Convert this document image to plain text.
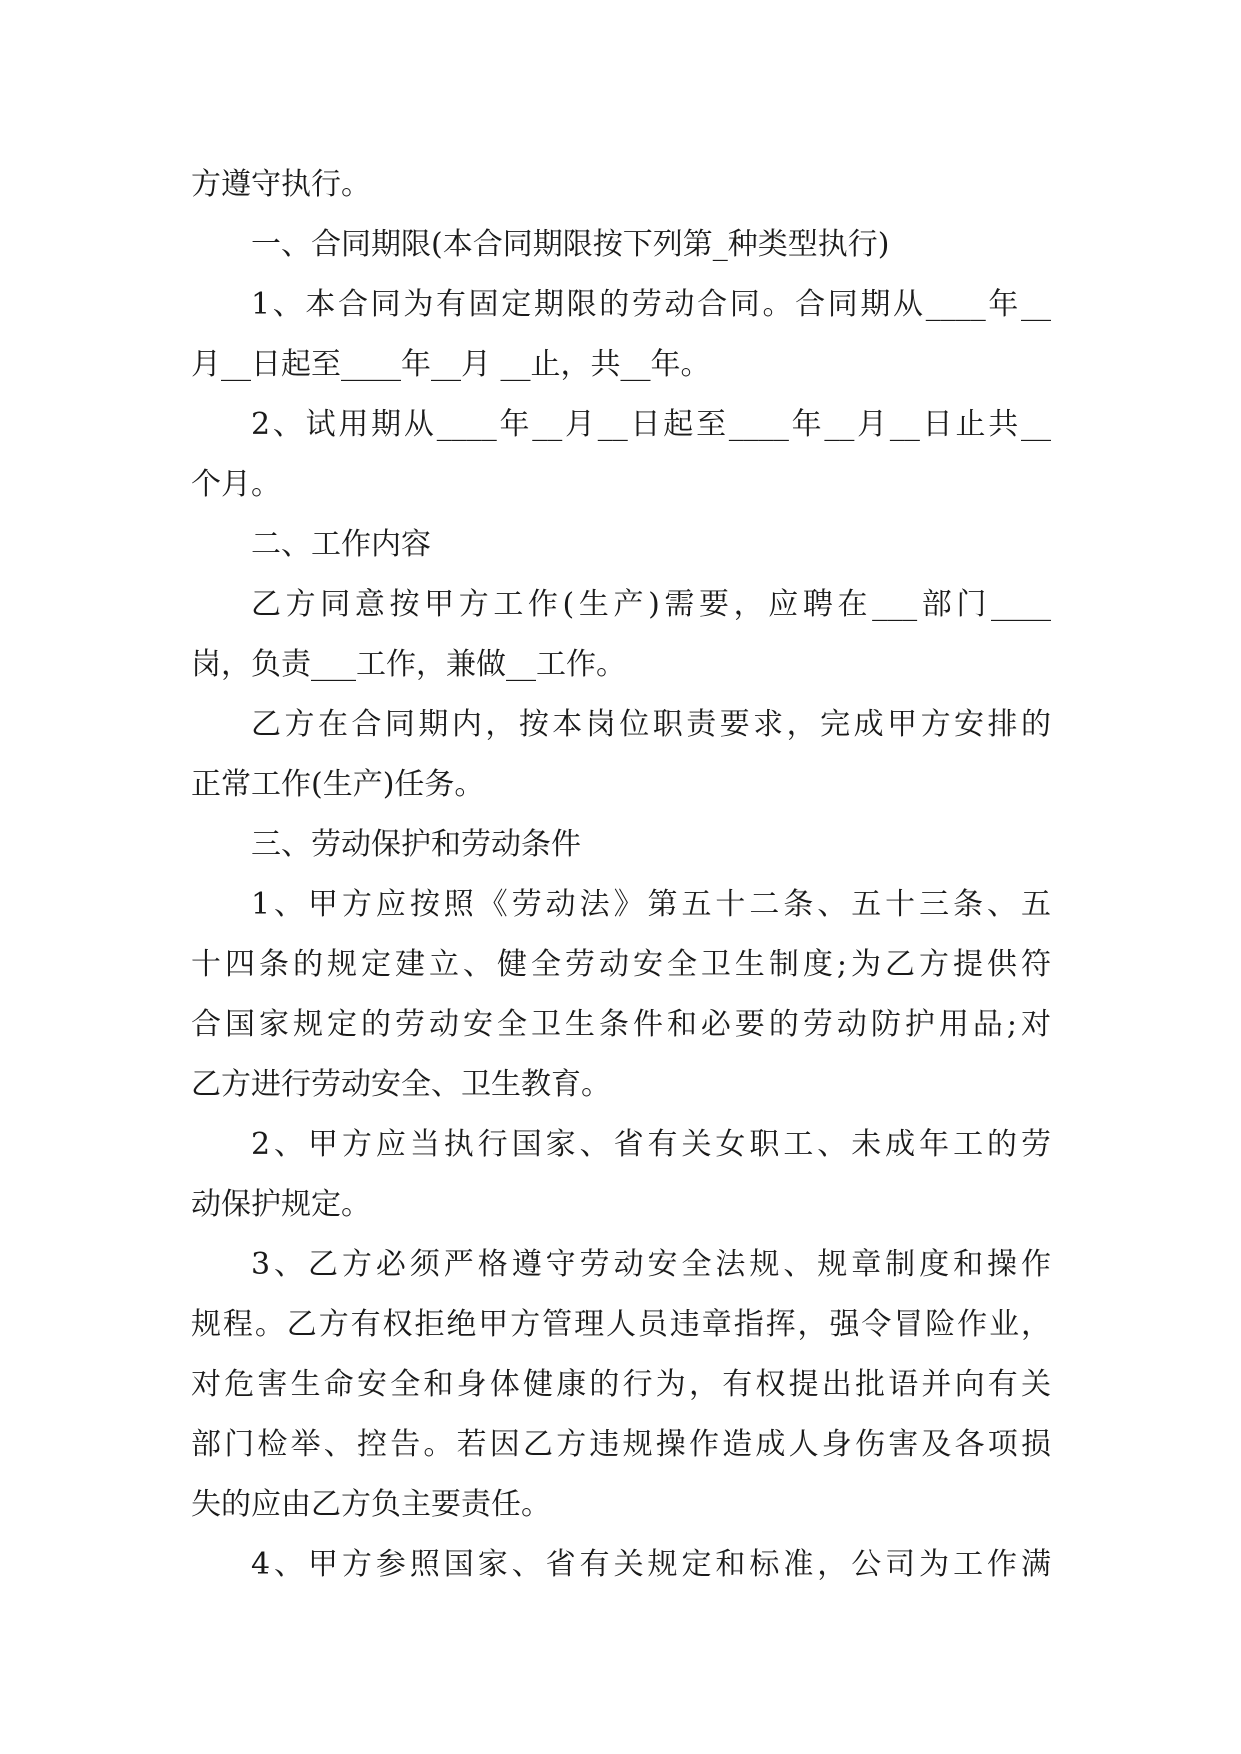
方遵守执行。
一、合同期限(本合同期限按下列第_种类型执行)
1、本合同为有固定期限的劳动合同。合同期从____年__
月__日起至____年__月 __止，共__年。
2、试用期从____年__月__日起至____年__月__日止共__
个月。
二、工作内容
乙方同意按甲方工作(生产)需要，应聘在___部门____
岗，负责___工作，兼做__工作。
乙方在合同期内，按本岗位职责要求，完成甲方安排的
正常工作(生产)任务。
三、劳动保护和劳动条件
1、甲方应按照《劳动法》第五十二条、五十三条、五
十四条的规定建立、健全劳动安全卫生制度;为乙方提供符
合国家规定的劳动安全卫生条件和必要的劳动防护用品;对
乙方进行劳动安全、卫生教育。
2、甲方应当执行国家、省有关女职工、未成年工的劳
动保护规定。
3、乙方必须严格遵守劳动安全法规、规章制度和操作
规程。乙方有权拒绝甲方管理人员违章指挥，强令冒险作业，
对危害生命安全和身体健康的行为，有权提出批语并向有关
部门检举、控告。若因乙方违规操作造成人身伤害及各项损
失的应由乙方负主要责任。
4、甲方参照国家、省有关规定和标准，公司为工作满
